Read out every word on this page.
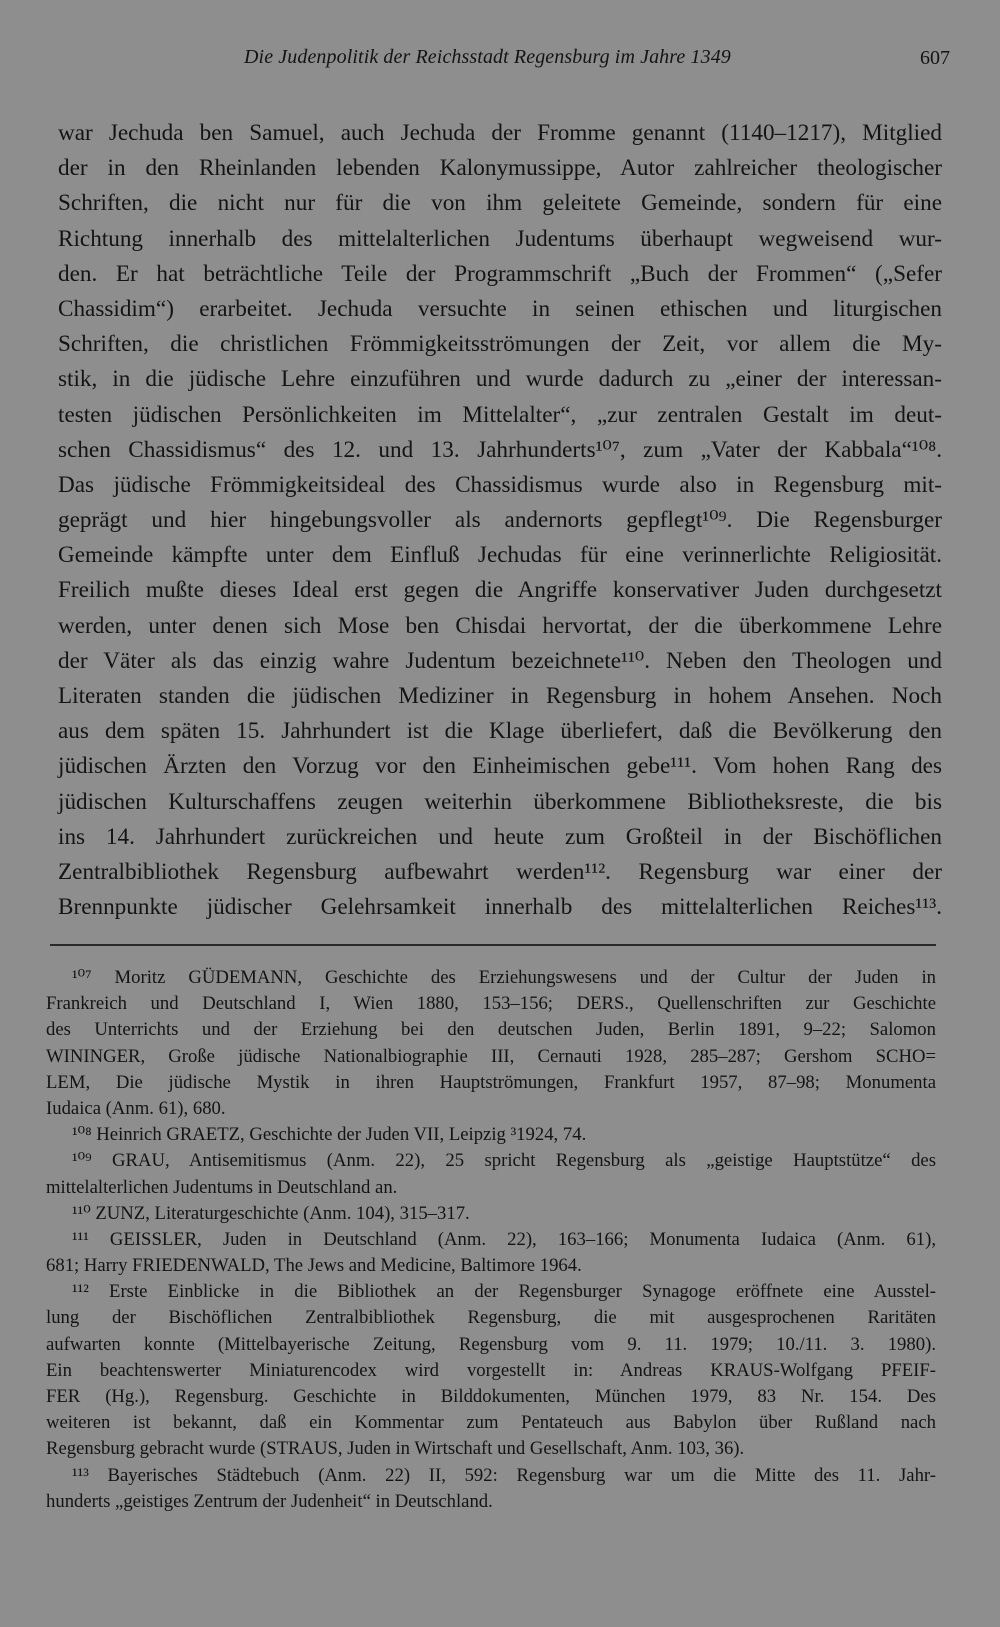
Die Judenpolitik der Reichsstadt Regensburg im Jahre 1349	607
war Jechuda ben Samuel, auch Jechuda der Fromme genannt (1140–1217), Mitglied
der in den Rheinlanden lebenden Kalonymussippe, Autor zahlreicher theologischer
Schriften, die nicht nur für die von ihm geleitete Gemeinde, sondern für eine
Richtung innerhalb des mittelalterlichen Judentums überhaupt wegweisend wur-
den. Er hat beträchtliche Teile der Programmschrift „Buch der Frommen“ („Sefer
Chassidim“) erarbeitet. Jechuda versuchte in seinen ethischen und liturgischen
Schriften, die christlichen Frömmigkeitsströmungen der Zeit, vor allem die My-
stik, in die jüdische Lehre einzuführen und wurde dadurch zu „einer der interessan-
testen jüdischen Persönlichkeiten im Mittelalter“, „zur zentralen Gestalt im deut-
schen Chassidismus“ des 12. und 13. Jahrhunderts¹⁰⁷, zum „Vater der Kabbala“¹⁰⁸.
Das jüdische Frömmigkeitsideal des Chassidismus wurde also in Regensburg mit-
geprägt und hier hingebungsvoller als andernorts gepflegt¹⁰⁹. Die Regensburger
Gemeinde kämpfte unter dem Einfluß Jechudas für eine verinnerlichte Religiosität.
Freilich mußte dieses Ideal erst gegen die Angriffe konservativer Juden durchgesetzt
werden, unter denen sich Mose ben Chisdai hervortat, der die überkommene Lehre
der Väter als das einzig wahre Judentum bezeichnete¹¹⁰. Neben den Theologen und
Literaten standen die jüdischen Mediziner in Regensburg in hohem Ansehen. Noch
aus dem späten 15. Jahrhundert ist die Klage überliefert, daß die Bevölkerung den
jüdischen Ärzten den Vorzug vor den Einheimischen gebe¹¹¹. Vom hohen Rang des
jüdischen Kulturschaffens zeugen weiterhin überkommene Bibliotheksreste, die bis
ins 14. Jahrhundert zurückreichen und heute zum Großteil in der Bischöflichen
Zentralbibliothek Regensburg aufbewahrt werden¹¹². Regensburg war einer der
Brennpunkte jüdischer Gelehrsamkeit innerhalb des mittelalterlichen Reiches¹¹³.
¹⁰⁷ Moritz GÜDEMANN, Geschichte des Erziehungswesens und der Cultur der Juden in
Frankreich und Deutschland I, Wien 1880, 153–156; DERS., Quellenschriften zur Geschichte
des Unterrichts und der Erziehung bei den deutschen Juden, Berlin 1891, 9–22; Salomon
WININGER, Große jüdische Nationalbiographie III, Cernauti 1928, 285–287; Gershom SCHO=
LEM, Die jüdische Mystik in ihren Hauptströmungen, Frankfurt 1957, 87–98; Monumenta
Iudaica (Anm. 61), 680.
¹⁰⁸ Heinrich GRAETZ, Geschichte der Juden VII, Leipzig ³1924, 74.
¹⁰⁹ GRAU, Antisemitismus (Anm. 22), 25 spricht Regensburg als „geistige Hauptstütze“ des
mittelalterlichen Judentums in Deutschland an.
¹¹⁰ ZUNZ, Literaturgeschichte (Anm. 104), 315–317.
¹¹¹ GEISSLER, Juden in Deutschland (Anm. 22), 163–166; Monumenta Iudaica (Anm. 61),
681; Harry FRIEDENWALD, The Jews and Medicine, Baltimore 1964.
¹¹² Erste Einblicke in die Bibliothek an der Regensburger Synagoge eröffnete eine Ausstel-
lung der Bischöflichen Zentralbibliothek Regensburg, die mit ausgesprochenen Raritäten
aufwarten konnte (Mittelbayerische Zeitung, Regensburg vom 9. 11. 1979; 10./11. 3. 1980).
Ein beachtenswerter Miniaturencodex wird vorgestellt in: Andreas KRAUS-Wolfgang PFEIF-
FER (Hg.), Regensburg. Geschichte in Bilddokumenten, München 1979, 83 Nr. 154. Des
weiteren ist bekannt, daß ein Kommentar zum Pentateuch aus Babylon über Rußland nach
Regensburg gebracht wurde (STRAUS, Juden in Wirtschaft und Gesellschaft, Anm. 103, 36).
¹¹³ Bayerisches Städtebuch (Anm. 22) II, 592: Regensburg war um die Mitte des 11. Jahr-
hunderts „geistiges Zentrum der Judenheit“ in Deutschland.
